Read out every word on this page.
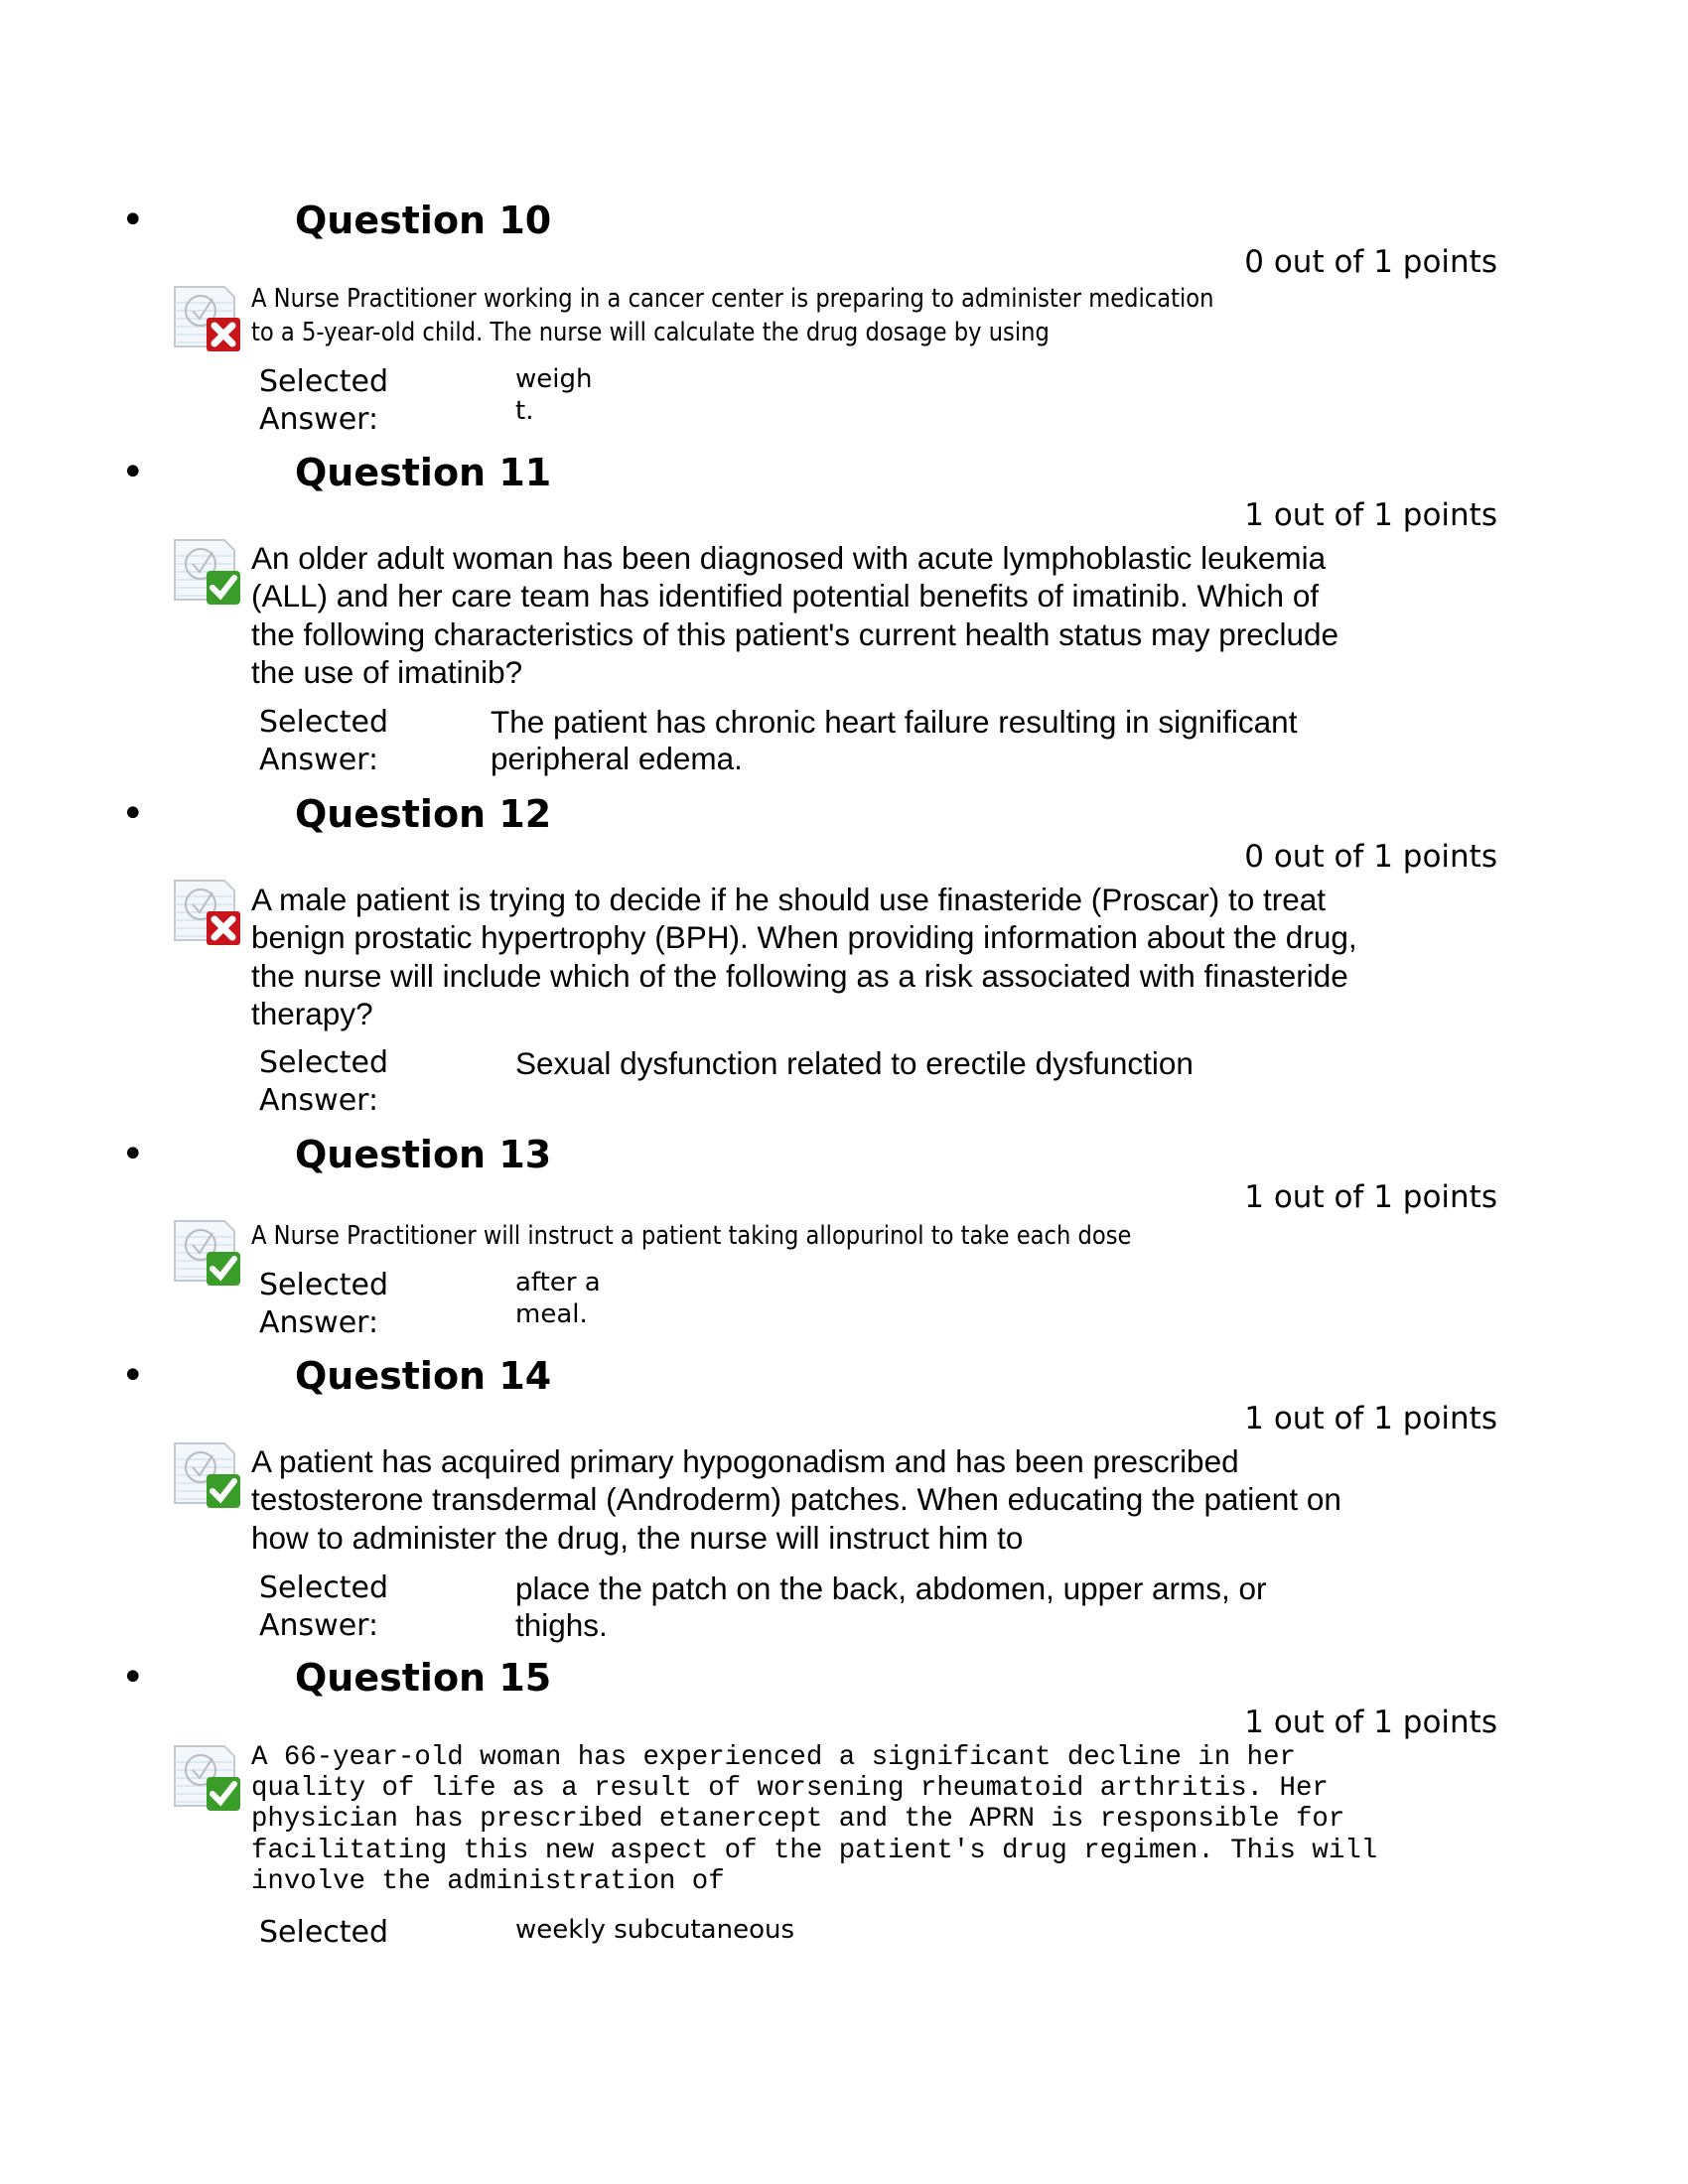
•	Question 10
0 out of 1 points
A Nurse Practitioner working in a cancer center is preparing to administer medication
to a 5-year-old child. The nurse will calculate the drug dosage by using
Selected
Answer:
weigh
t.
•	Question 11
1 out of 1 points
An older adult woman has been diagnosed with acute lymphoblastic leukemia
(ALL) and her care team has identified potential benefits of imatinib. Which of
the following characteristics of this patient's current health status may preclude
the use of imatinib?
Selected
Answer:
The patient has chronic heart failure resulting in significant
peripheral edema.
•	Question 12
0 out of 1 points
A male patient is trying to decide if he should use finasteride (Proscar) to treat
benign prostatic hypertrophy (BPH). When providing information about the drug,
the nurse will include which of the following as a risk associated with finasteride
therapy?
Selected
Answer:
Sexual dysfunction related to erectile dysfunction
•	Question 13
1 out of 1 points
A Nurse Practitioner will instruct a patient taking allopurinol to take each dose
Selected
Answer:
after a
meal.
•	Question 14
1 out of 1 points
A patient has acquired primary hypogonadism and has been prescribed
testosterone transdermal (Androderm) patches. When educating the patient on
how to administer the drug, the nurse will instruct him to
Selected
Answer:
place the patch on the back, abdomen, upper arms, or
thighs.
•	Question 15
1 out of 1 points
A 66-year-old woman has experienced a significant decline in her
quality of life as a result of worsening rheumatoid arthritis. Her
physician has prescribed etanercept and the APRN is responsible for
facilitating this new aspect of the patient's drug regimen. This will
involve the administration of
Selected	weekly subcutaneous
